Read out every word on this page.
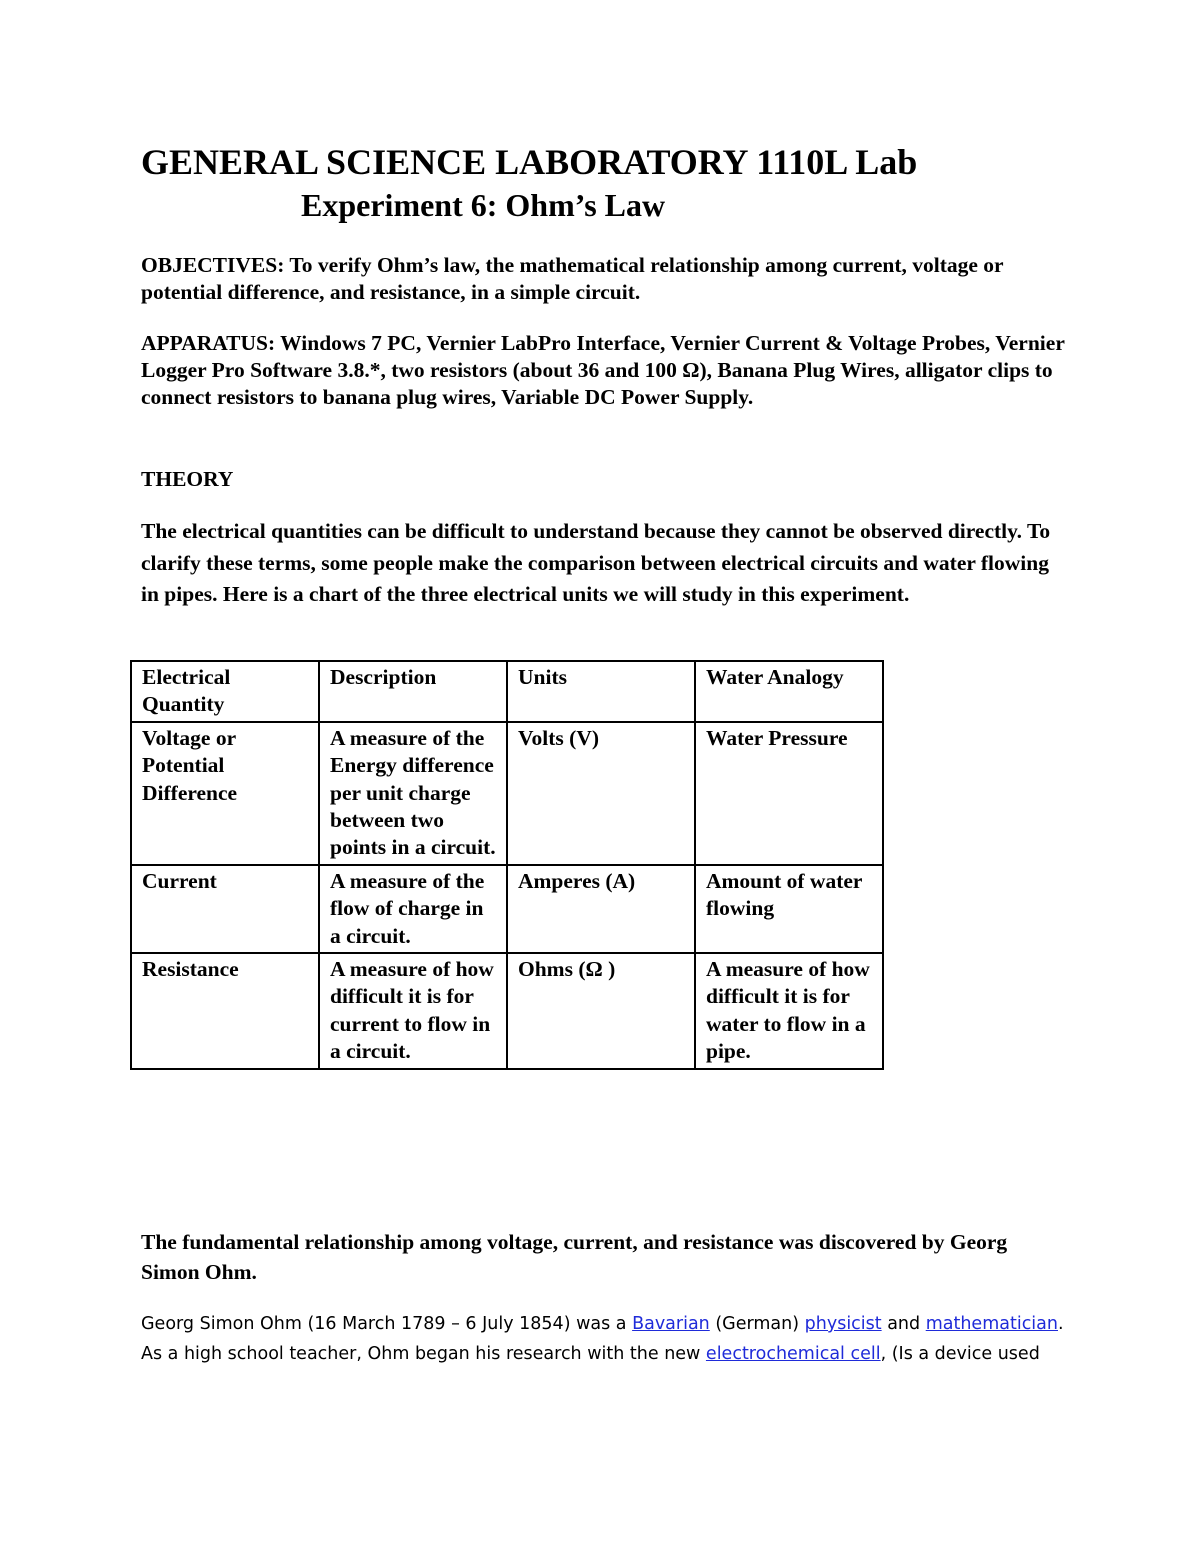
GENERAL SCIENCE LABORATORY 1110L Lab
Experiment 6: Ohm’s Law

OBJECTIVES: To verify Ohm’s law, the mathematical relationship among current, voltage or potential difference, and resistance, in a simple circuit.

APPARATUS: Windows 7 PC, Vernier LabPro Interface, Vernier Current & Voltage Probes, Vernier Logger Pro Software 3.8.*, two resistors (about 36 and 100 Ω), Banana Plug Wires, alligator clips to connect resistors to banana plug wires, Variable DC Power Supply.

THEORY

The electrical quantities can be difficult to understand because they cannot be observed directly. To clarify these terms, some people make the comparison between electrical circuits and water flowing in pipes. Here is a chart of the three electrical units we will study in this experiment.

Electrical Quantity	Description	Units	Water Analogy
Voltage or Potential Difference	A measure of the Energy difference per unit charge between two points in a circuit.	Volts (V)	Water Pressure
Current	A measure of the flow of charge in a circuit.	Amperes (A)	Amount of water flowing
Resistance	A measure of how difficult it is for current to flow in a circuit.	Ohms (Ω )	A measure of how difficult it is for water to flow in a pipe.

The fundamental relationship among voltage, current, and resistance was discovered by Georg Simon Ohm.

Georg Simon Ohm (16 March 1789 – 6 July 1854) was a Bavarian (German) physicist and mathematician. As a high school teacher, Ohm began his research with the new electrochemical cell, (Is a device used
